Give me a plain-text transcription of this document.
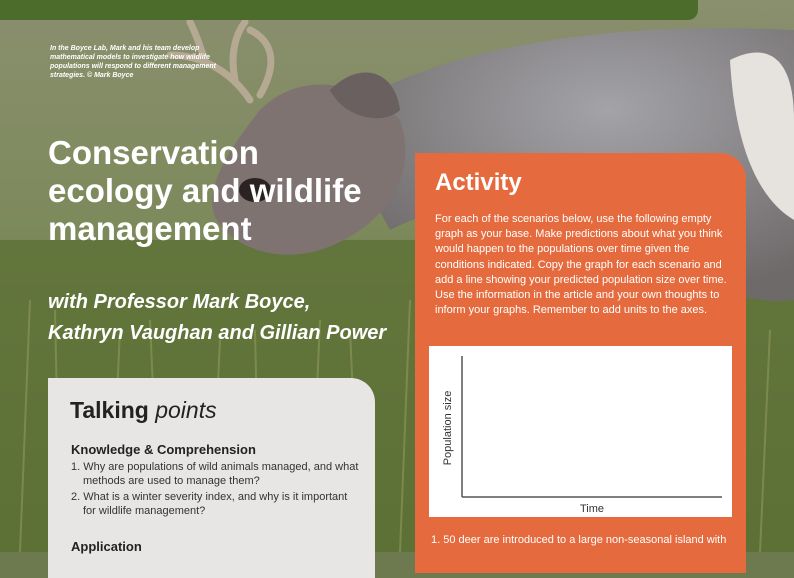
In the Boyce Lab, Mark and his team develop mathematical models to investigate how wildlife populations will respond to different management strategies. © Mark Boyce
Conservation ecology and wildlife management
with Professor Mark Boyce, Kathryn Vaughan and Gillian Power
Talking points
Knowledge & Comprehension
1. Why are populations of wild animals managed, and what methods are used to manage them?
2. What is a winter severity index, and why is it important for wildlife management?
Application
Activity
For each of the scenarios below, use the following empty graph as your base. Make predictions about what you think would happen to the populations over time given the conditions indicated. Copy the graph for each scenario and add a line showing your predicted population size over time. Use the information in the article and your own thoughts to inform your graphs. Remember to add units to the axes.
Population size
Time
1. 50 deer are introduced to a large non-seasonal island with
